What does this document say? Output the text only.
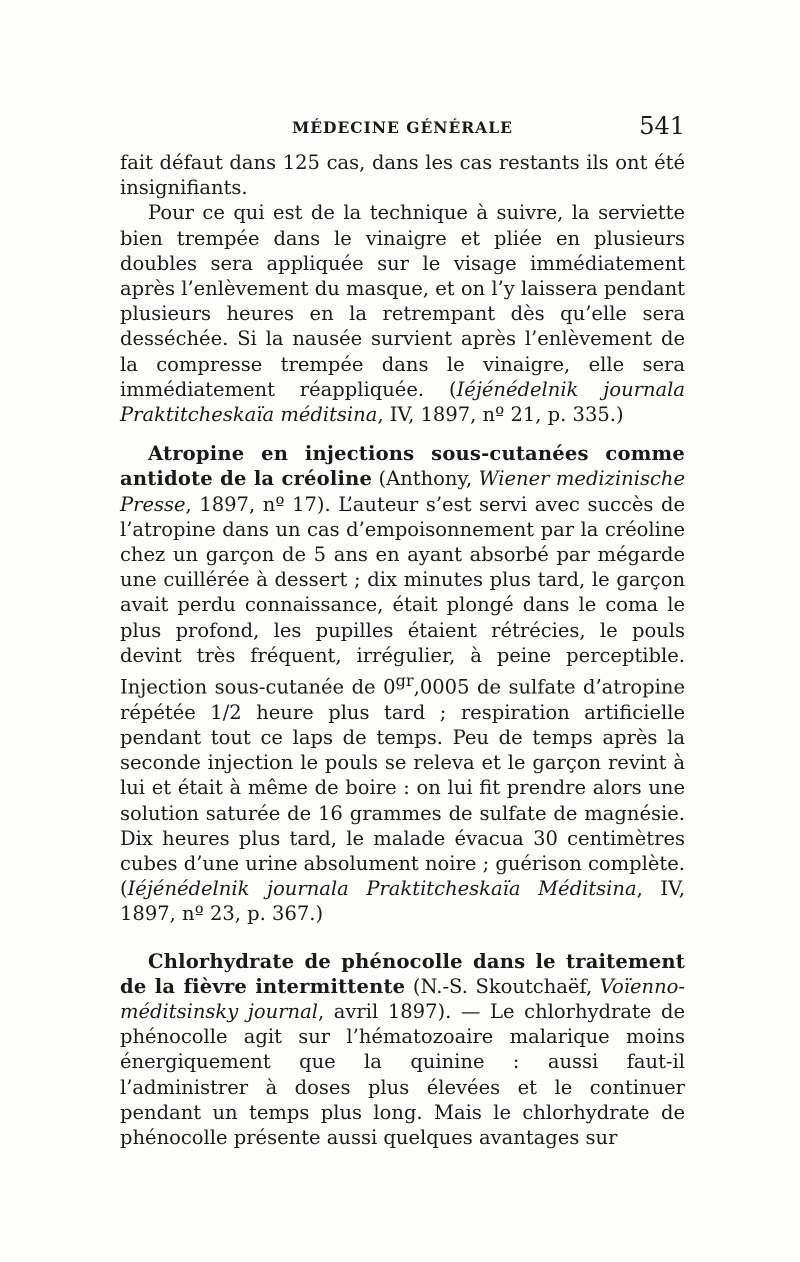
MÉDECINE GÉNÉRALE	541

fait défaut dans 125 cas, dans les cas restants ils ont été insignifiants.

Pour ce qui est de la technique à suivre, la serviette bien trempée dans le vinaigre et pliée en plusieurs doubles sera appliquée sur le visage immédiatement après l’enlèvement du masque, et on l’y laissera pendant plusieurs heures en la retrempant dès qu’elle sera desséchée. Si la nausée survient après l’enlèvement de la compresse trempée dans le vinaigre, elle sera immédiatement réappliquée. (Iéjénédelnik journala Praktitcheskaïa méditsina, IV, 1897, nº 21, p. 335.)

Atropine en injections sous-cutanées comme antidote de la créoline (Anthony, Wiener medizinische Presse, 1897, nº 17). L’auteur s’est servi avec succès de l’atropine dans un cas d’empoisonnement par la créoline chez un garçon de 5 ans en ayant absorbé par mégarde une cuillérée à dessert ; dix minutes plus tard, le garçon avait perdu connaissance, était plongé dans le coma le plus profond, les pupilles étaient rétrécies, le pouls devint très fréquent, irrégulier, à peine perceptible. Injection sous-cutanée de $0^{gr},0005$ de sulfate d’atropine répétée 1/2 heure plus tard ; respiration artificielle pendant tout ce laps de temps. Peu de temps après la seconde injection le pouls se releva et le garçon revint à lui et était à même de boire : on lui fit prendre alors une solution saturée de 16 grammes de sulfate de magnésie. Dix heures plus tard, le malade évacua 30 centimètres cubes d’une urine absolument noire ; guérison complète. (Iéjénédelnik journala Praktitcheskaïa Méditsina, IV, 1897, nº 23, p. 367.)

Chlorhydrate de phénocolle dans le traitement de la fièvre intermittente (N.-S. Skoutchaëf, Voïenno-méditsinsky journal, avril 1897). — Le chlorhydrate de phénocolle agit sur l’hématozoaire malarique moins énergiquement que la quinine : aussi faut-il l’administrer à doses plus élevées et le continuer pendant un temps plus long. Mais le chlorhydrate de phénocolle présente aussi quelques avantages sur
